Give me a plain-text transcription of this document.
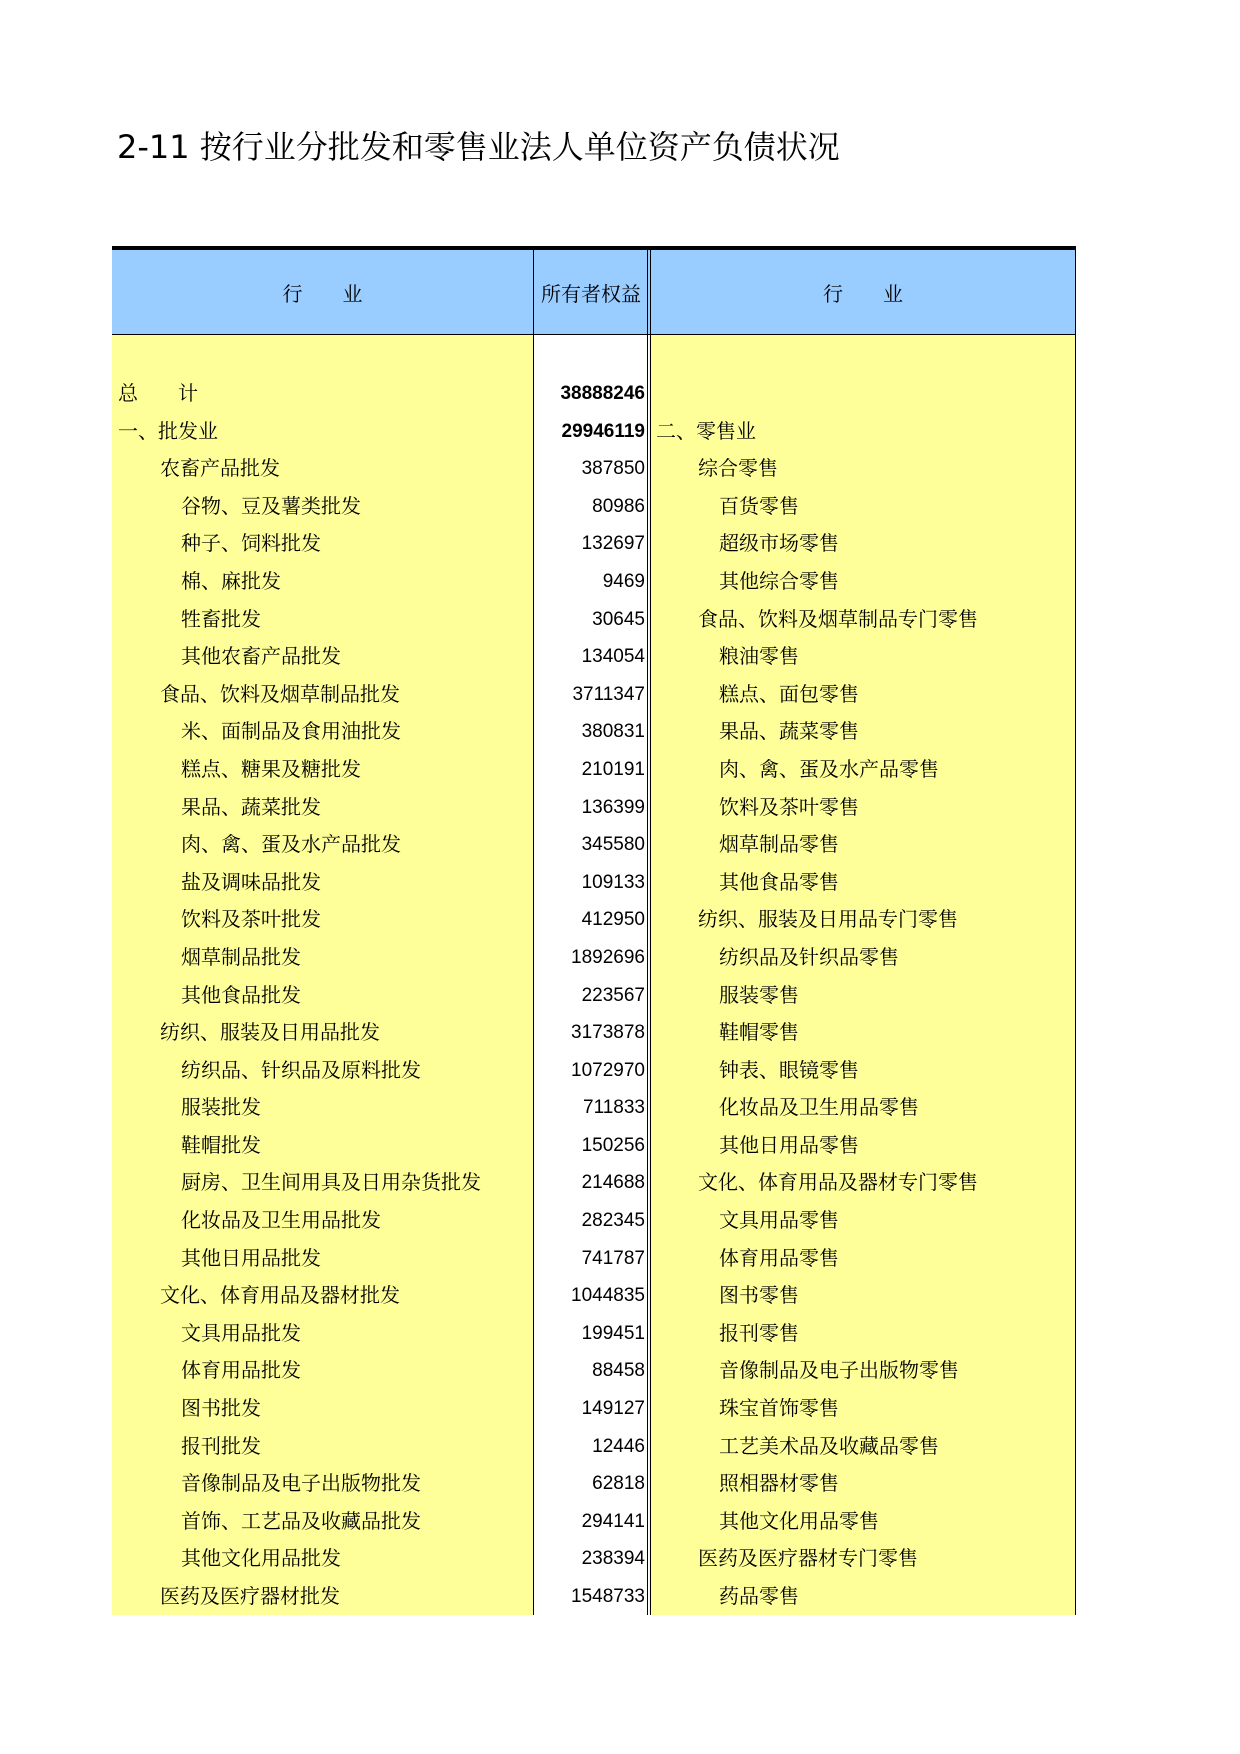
2-11 按行业分批发和零售业法人单位资产负债状况
行　　业	所有者权益	行　　业
总　　计	38888246
一、批发业	29946119 二、零售业
农畜产品批发	387850	综合零售
谷物、豆及薯类批发	80986	百货零售
种子、饲料批发	132697	超级市场零售
棉、麻批发	9469	其他综合零售
牲畜批发	30645	食品、饮料及烟草制品专门零售
其他农畜产品批发	134054	粮油零售
食品、饮料及烟草制品批发	3711347	糕点、面包零售
米、面制品及食用油批发	380831	果品、蔬菜零售
糕点、糖果及糖批发	210191	肉、禽、蛋及水产品零售
果品、蔬菜批发	136399	饮料及茶叶零售
肉、禽、蛋及水产品批发	345580	烟草制品零售
盐及调味品批发	109133	其他食品零售
饮料及茶叶批发	412950	纺织、服装及日用品专门零售
烟草制品批发	1892696	纺织品及针织品零售
其他食品批发	223567	服装零售
纺织、服装及日用品批发	3173878	鞋帽零售
纺织品、针织品及原料批发	1072970	钟表、眼镜零售
服装批发	711833	化妆品及卫生用品零售
鞋帽批发	150256	其他日用品零售
厨房、卫生间用具及日用杂货批发	214688	文化、体育用品及器材专门零售
化妆品及卫生用品批发	282345	文具用品零售
其他日用品批发	741787	体育用品零售
文化、体育用品及器材批发	1044835	图书零售
文具用品批发	199451	报刊零售
体育用品批发	88458	音像制品及电子出版物零售
图书批发	149127	珠宝首饰零售
报刊批发	12446	工艺美术品及收藏品零售
音像制品及电子出版物批发	62818	照相器材零售
首饰、工艺品及收藏品批发	294141	其他文化用品零售
其他文化用品批发	238394	医药及医疗器材专门零售
医药及医疗器材批发	1548733	药品零售
